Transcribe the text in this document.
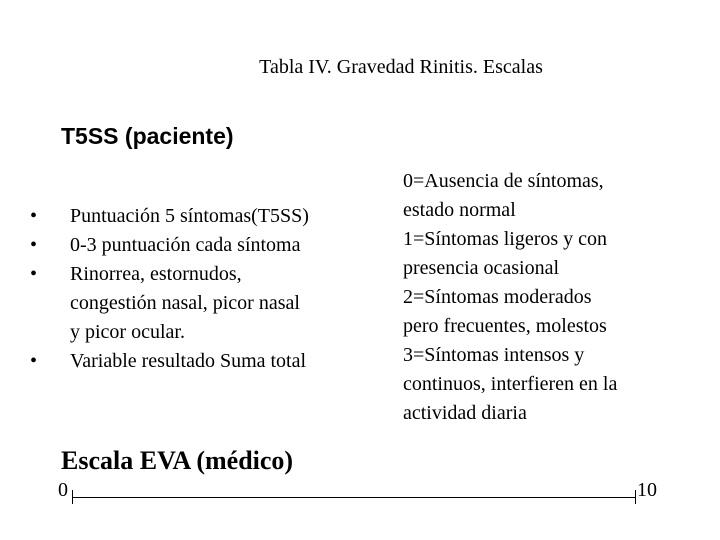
Tabla IV. Gravedad Rinitis. Escalas
T5SS (paciente)
• Puntuación 5 síntomas(T5SS)
• 0-3 puntuación cada síntoma
• Rinorrea, estornudos,
congestión nasal, picor nasal
y picor ocular.
• Variable resultado Suma total
0=Ausencia de síntomas,
estado normal
1=Síntomas ligeros y con
presencia ocasional
2=Síntomas moderados
pero frecuentes, molestos
3=Síntomas intensos y
continuos, interfieren en la
actividad diaria
Escala EVA (médico)
0	10
